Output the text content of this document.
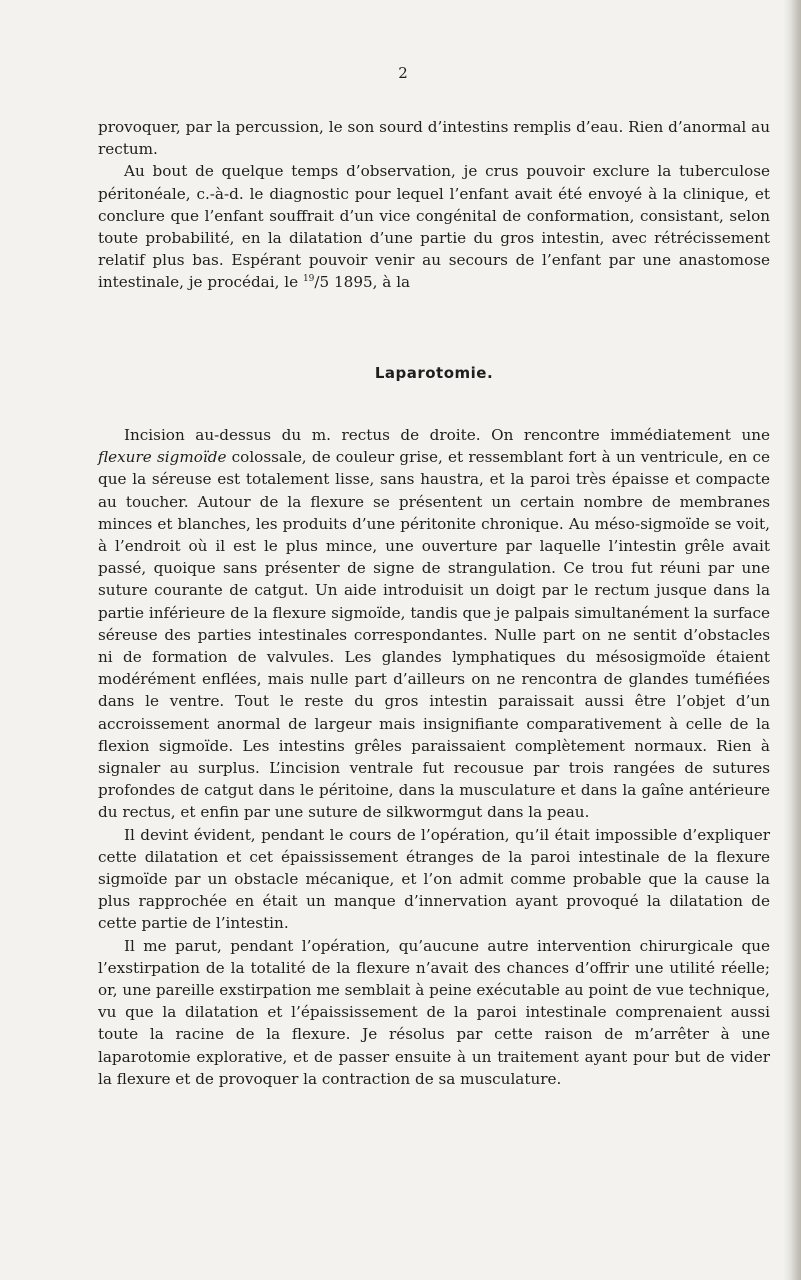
2

provoquer, par la percussion, le son sourd d’intestins remplis d’eau. Rien d’anormal au rectum.

Au bout de quelque temps d’observation, je crus pouvoir exclure la tuberculose péritonéale, c.-à-d. le diagnostic pour lequel l’enfant avait été envoyé à la clinique, et conclure que l’enfant souffrait d’un vice congénital de conformation, consistant, selon toute probabilité, en la dilatation d’une partie du gros intestin, avec rétrécissement relatif plus bas. Espérant pouvoir venir au secours de l’enfant par une anastomose intestinale, je procédai, le $^{19}$/5 1895, à la

Laparotomie.

Incision au-dessus du m. rectus de droite. On rencontre immédiatement une flexure sigmoïde colossale, de couleur grise, et ressemblant fort à un ventricule, en ce que la séreuse est totalement lisse, sans haustra, et la paroi très épaisse et compacte au toucher. Autour de la flexure se présentent un certain nombre de membranes minces et blanches, les produits d’une péritonite chronique. Au méso-sigmoïde se voit, à l’endroit où il est le plus mince, une ouverture par laquelle l’intestin grêle avait passé, quoique sans présenter de signe de strangulation. Ce trou fut réuni par une suture courante de catgut. Un aide introduisit un doigt par le rectum jusque dans la partie inférieure de la flexure sigmoïde, tandis que je palpais simultanément la surface séreuse des parties intestinales correspondantes. Nulle part on ne sentit d’obstacles ni de formation de valvules. Les glandes lymphatiques du mésosigmoïde étaient modérément enflées, mais nulle part d’ailleurs on ne rencontra de glandes tuméfiées dans le ventre. Tout le reste du gros intestin paraissait aussi être l’objet d’un accroissement anormal de largeur mais insignifiante comparativement à celle de la flexion sigmoïde. Les intestins grêles paraissaient complètement normaux. Rien à signaler au surplus. L’incision ventrale fut recousue par trois rangées de sutures profondes de catgut dans le péritoine, dans la musculature et dans la gaîne antérieure du rectus, et enfin par une suture de silkwormgut dans la peau.

Il devint évident, pendant le cours de l’opération, qu’il était impossible d’expliquer cette dilatation et cet épaississement étranges de la paroi intestinale de la flexure sigmoïde par un obstacle mécanique, et l’on admit comme probable que la cause la plus rapprochée en était un manque d’innervation ayant provoqué la dilatation de cette partie de l’intestin.

Il me parut, pendant l’opération, qu’aucune autre intervention chirurgicale que l’exstirpation de la totalité de la flexure n’avait des chances d’offrir une utilité réelle; or, une pareille exstirpation me semblait à peine exécutable au point de vue technique, vu que la dilatation et l’épaississement de la paroi intestinale comprenaient aussi toute la racine de la flexure. Je résolus par cette raison de m’arrêter à une laparotomie explorative, et de passer ensuite à un traitement ayant pour but de vider la flexure et de provoquer la contraction de sa musculature.
